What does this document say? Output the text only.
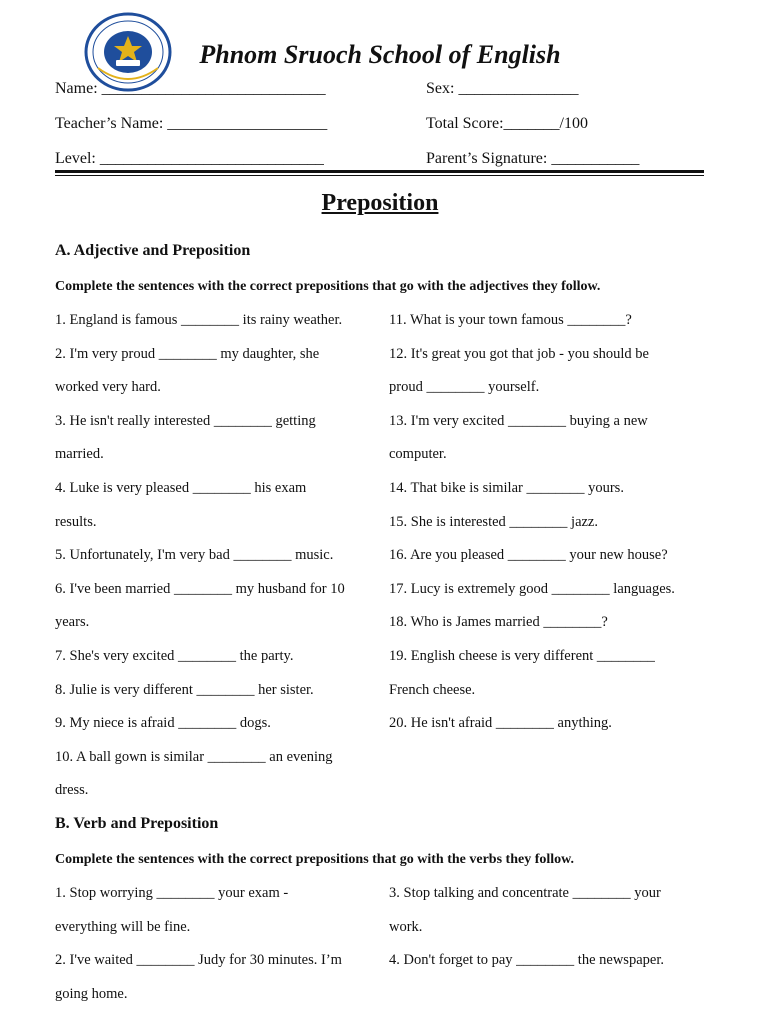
Phnom Sruoch School of English
Name: ____________________________	Sex: _______________
Teacher’s Name: ____________________	Total Score:_______/100
Level: ____________________________	Parent’s Signature: ___________
Preposition
A. Adjective and Preposition
Complete the sentences with the correct prepositions that go with the adjectives they follow.
1. England is famous ________ its rainy weather.
2. I'm very proud ________ my daughter, she
worked very hard.
3. He isn't really interested ________ getting
married.
4. Luke is very pleased ________ his exam
results.
5. Unfortunately, I'm very bad ________ music.
6. I've been married ________ my husband for 10
years.
7. She's very excited ________ the party.
8. Julie is very different ________ her sister.
9. My niece is afraid ________ dogs.
10. A ball gown is similar ________ an evening
dress.
11. What is your town famous ________?
12. It's great you got that job - you should be
proud ________ yourself.
13. I'm very excited ________ buying a new
computer.
14. That bike is similar ________ yours.
15. She is interested ________ jazz.
16. Are you pleased ________ your new house?
17. Lucy is extremely good ________ languages.
18. Who is James married ________?
19. English cheese is very different ________
French cheese.
20. He isn't afraid ________ anything.
B. Verb and Preposition
Complete the sentences with the correct prepositions that go with the verbs they follow.
1. Stop worrying ________ your exam -
everything will be fine.
2. I've waited ________ Judy for 30 minutes. I’m
going home.
3. Stop talking and concentrate ________ your
work.
4. Don't forget to pay ________ the newspaper.
